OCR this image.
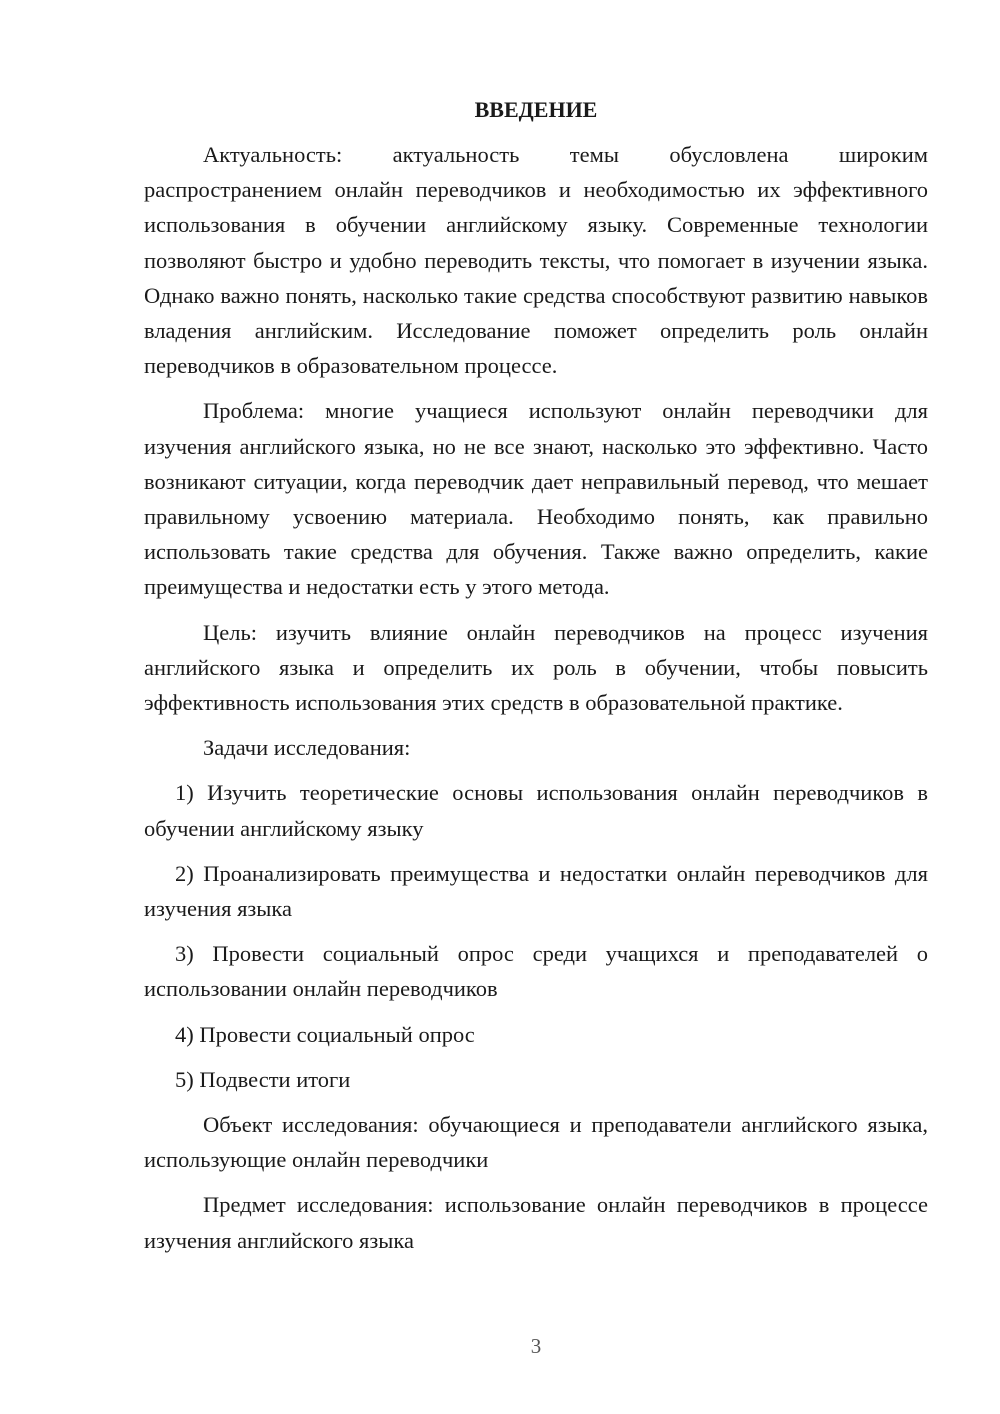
ВВЕДЕНИЕ

Актуальность: актуальность темы обусловлена широким распространением онлайн переводчиков и необходимостью их эффективного использования в обучении английскому языку. Современные технологии позволяют быстро и удобно переводить тексты, что помогает в изучении языка. Однако важно понять, насколько такие средства способствуют развитию навыков владения английским. Исследование поможет определить роль онлайн переводчиков в образовательном процессе.

Проблема: многие учащиеся используют онлайн переводчики для изучения английского языка, но не все знают, насколько это эффективно. Часто возникают ситуации, когда переводчик дает неправильный перевод, что мешает правильному усвоению материала. Необходимо понять, как правильно использовать такие средства для обучения. Также важно определить, какие преимущества и недостатки есть у этого метода.

Цель: изучить влияние онлайн переводчиков на процесс изучения английского языка и определить их роль в обучении, чтобы повысить эффективность использования этих средств в образовательной практике.

Задачи исследования:

1) Изучить теоретические основы использования онлайн переводчиков в обучении английскому языку

2) Проанализировать преимущества и недостатки онлайн переводчиков для изучения языка

3) Провести социальный опрос среди учащихся и преподавателей о использовании онлайн переводчиков

4) Провести социальный опрос

5) Подвести итоги

Объект исследования: обучающиеся и преподаватели английского языка, использующие онлайн переводчики

Предмет исследования: использование онлайн переводчиков в процессе изучения английского языка

3
